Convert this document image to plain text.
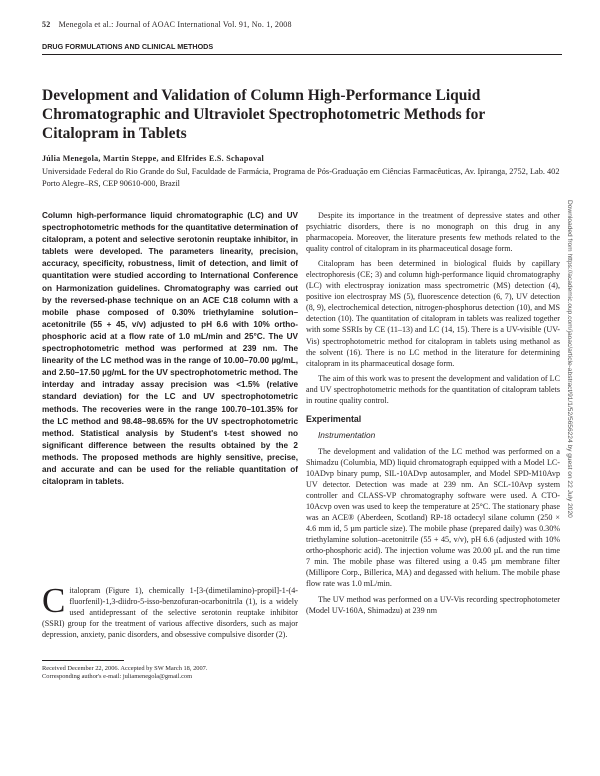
52 Menegola et al.: Journal of AOAC International Vol. 91, No. 1, 2008
DRUG FORMULATIONS AND CLINICAL METHODS
Development and Validation of Column High-Performance Liquid Chromatographic and Ultraviolet Spectrophotometric Methods for Citalopram in Tablets
Júlia Menegola, Martin Steppe, and Elfrides E.S. Schapoval
Universidade Federal do Rio Grande do Sul, Faculdade de Farmácia, Programa de Pós-Graduação em Ciências Farmacêuticas, Av. Ipiranga, 2752, Lab. 402 Porto Alegre–RS, CEP 90610-000, Brazil
Column high-performance liquid chromatographic (LC) and UV spectrophotometric methods for the quantitative determination of citalopram, a potent and selective serotonin reuptake inhibitor, in tablets were developed. The parameters linearity, precision, accuracy, specificity, robustness, limit of detection, and limit of quantitation were studied according to International Conference on Harmonization guidelines. Chromatography was carried out by the reversed-phase technique on an ACE C18 column with a mobile phase composed of 0.30% triethylamine solution–acetonitrile (55 + 45, v/v) adjusted to pH 6.6 with 10% ortho-phosphoric acid at a flow rate of 1.0 mL/min and 25°C. The UV spectrophotometric method was performed at 239 nm. The linearity of the LC method was in the range of 10.00–70.00 µg/mL, and 2.50–17.50 µg/mL for the UV spectrophotometric method. The interday and intraday assay precision was <1.5% (relative standard deviation) for the LC and UV spectrophotometric methods. The recoveries were in the range 100.70–101.35% for the LC method and 98.48–98.65% for the UV spectrophotometric method. Statistical analysis by Student's t-test showed no significant difference between the results obtained by the 2 methods. The proposed methods are highly sensitive, precise, and accurate and can be used for the reliable quantitation of citalopram in tablets.
Citalopram (Figure 1), chemically 1-[3-(dimetilamino)-propil]-1-(4-fluorfenil)-1,3-diidro-5-isso-benzofuran-ocarbonitrila (1), is a widely used antidepressant of the selective serotonin reuptake inhibitor (SSRI) group for the treatment of various affective disorders, such as major depression, anxiety, panic disorders, and obsessive compulsive disorder (2).
Received December 22, 2006. Accepted by SW March 18, 2007.
Corresponding author's e-mail: juliamenegola@gmail.com

Despite its importance in the treatment of depressive states and other psychiatric disorders, there is no monograph on this drug in any pharmacopeia. Moreover, the literature presents few methods related to the quality control of citalopram in its pharmaceutical dosage form.

Citalopram has been determined in biological fluids by capillary electrophoresis (CE; 3) and column high-performance liquid chromatography (LC) with electrospray ionization mass spectrometric (MS) detection (4), positive ion electrospray MS (5), fluorescence detection (6, 7), UV detection (8, 9), electrochemical detection, nitrogen-phosphorus detection (10), and MS detection (10). The quantitation of citalopram in tablets was realized together with some SSRIs by CE (11–13) and LC (14, 15). There is a UV-visible (UV-Vis) spectrophotometric method for citalopram in tablets using methanol as the solvent (16). There is no LC method in the literature for determining citalopram in its pharmaceutical dosage form.

The aim of this work was to present the development and validation of LC and UV spectrophotometric methods for the quantitation of citalopram tablets in routine quality control.

Experimental
Instrumentation

The development and validation of the LC method was performed on a Shimadzu (Columbia, MD) liquid chromatograph equipped with a Model LC-10ADvp binary pump, SIL-10ADvp autosampler, and Model SPD-M10Avp UV detector. Detection was made at 239 nm. An SCL-10Avp system controller and CLASS-VP chromatography software were used. A CTO-10Acvp oven was used to keep the temperature at 25°C. The stationary phase was an ACE® (Aberdeen, Scotland) RP-18 octadecyl silane column (250 × 4.6 mm id, 5 µm particle size). The mobile phase (prepared daily) was 0.30% triethylamine solution–acetonitrile (55 + 45, v/v), pH 6.6 (adjusted with 10% ortho-phosphoric acid). The injection volume was 20.00 µL and the run time 7 min. The mobile phase was filtered using a 0.45 µm membrane filter (Millipore Corp., Billerica, MA) and degassed with helium. The mobile phase flow rate was 1.0 mL/min.

The UV method was performed on a UV-Vis recording spectrophotometer (Model UV-160A, Shimadzu) at 239 nm

Downloaded from https://academic.oup.com/jaoac/article-abstract/91/1/52/5656224 by guest on 22 July 2020
